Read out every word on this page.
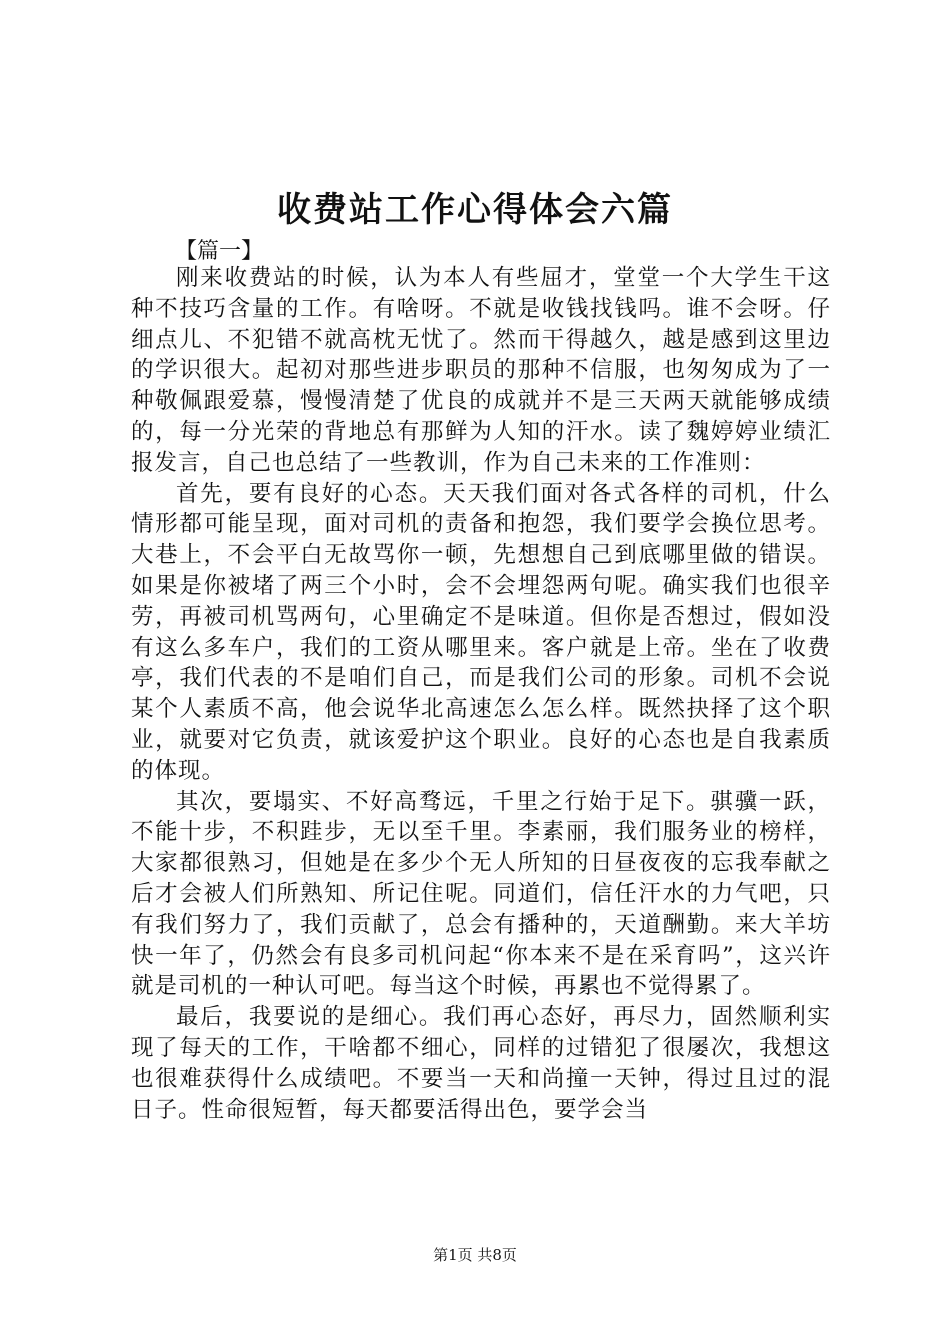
收费站工作心得体会六篇
【篇一】

刚来收费站的时候，认为本人有些屈才，堂堂一个大学生干这种不技巧含量的工作。有啥呀。不就是收钱找钱吗。谁不会呀。仔细点儿、不犯错不就高枕无忧了。然而干得越久，越是感到这里边的学识很大。起初对那些进步职员的那种不信服，也匆匆成为了一种敬佩跟爱慕，慢慢清楚了优良的成就并不是三天两天就能够成绩的，每一分光荣的背地总有那鲜为人知的汗水。读了魏婷婷业绩汇报发言，自己也总结了一些教训，作为自己未来的工作准则：

首先，要有良好的心态。天天我们面对各式各样的司机，什么情形都可能呈现，面对司机的责备和抱怨，我们要学会换位思考。大巷上，不会平白无故骂你一顿，先想想自己到底哪里做的错误。如果是你被堵了两三个小时，会不会埋怨两句呢。确实我们也很辛劳，再被司机骂两句，心里确定不是味道。但你是否想过，假如没有这么多车户，我们的工资从哪里来。客户就是上帝。坐在了收费亭，我们代表的不是咱们自己，而是我们公司的形象。司机不会说某个人素质不高，他会说华北高速怎么怎么样。既然抉择了这个职业，就要对它负责，就该爱护这个职业。良好的心态也是自我素质的体现。

其次，要塌实、不好高骛远，千里之行始于足下。骐骥一跃，不能十步，不积跬步，无以至千里。李素丽，我们服务业的榜样，大家都很熟习，但她是在多少个无人所知的日昼夜夜的忘我奉献之后才会被人们所熟知、所记住呢。同道们，信任汗水的力气吧，只有我们努力了，我们贡献了，总会有播种的，天道酬勤。来大羊坊快一年了，仍然会有良多司机问起“你本来不是在采育吗”，这兴许就是司机的一种认可吧。每当这个时候，再累也不觉得累了。

最后，我要说的是细心。我们再心态好，再尽力，固然顺利实现了每天的工作，干啥都不细心，同样的过错犯了很屡次，我想这也很难获得什么成绩吧。不要当一天和尚撞一天钟，得过且过的混日子。性命很短暂，每天都要活得出色，要学会当

第1页 共8页
